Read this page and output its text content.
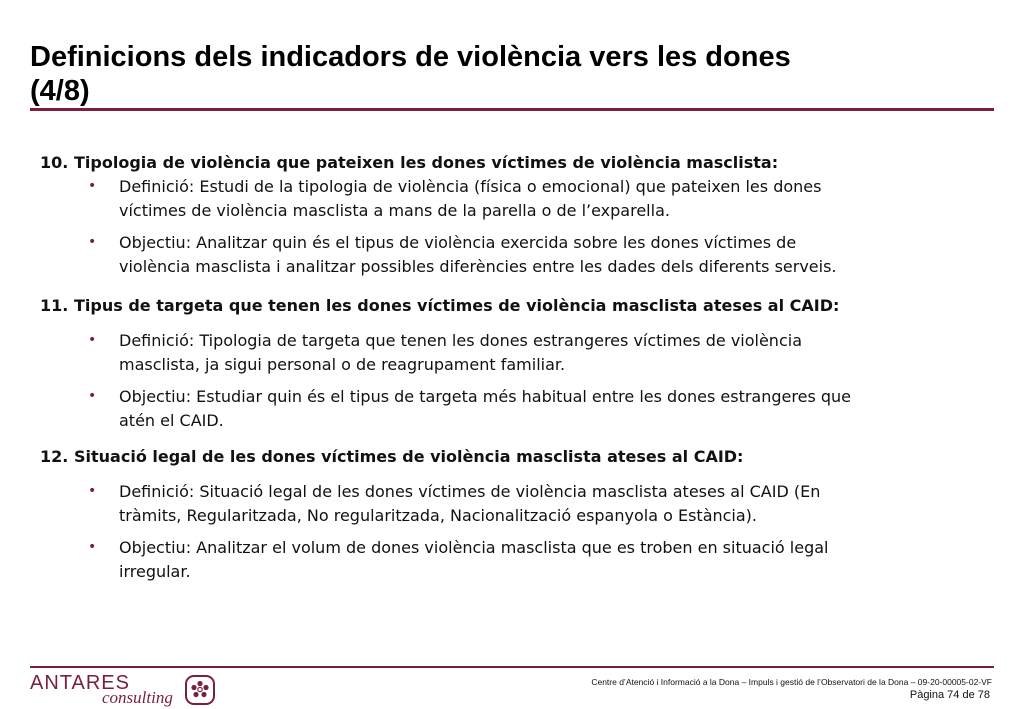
Definicions dels indicadors de violència vers les dones
(4/8)
10. Tipologia de violència que pateixen les dones víctimes de violència masclista:
• Definició: Estudi de la tipologia de violència (física o emocional) que pateixen les dones
víctimes de violència masclista a mans de la parella o de l’exparella.
• Objectiu: Analitzar quin és el tipus de violència exercida sobre les dones víctimes de
violència masclista i analitzar possibles diferències entre les dades dels diferents serveis.
11. Tipus de targeta que tenen les dones víctimes de violència masclista ateses al CAID:
• Definició: Tipologia de targeta que tenen les dones estrangeres víctimes de violència
masclista, ja sigui personal o de reagrupament familiar.
• Objectiu: Estudiar quin és el tipus de targeta més habitual entre les dones estrangeres que
atén el CAID.
12. Situació legal de les dones víctimes de violència masclista ateses al CAID:
• Definició: Situació legal de les dones víctimes de violència masclista ateses al CAID (En
tràmits, Regularitzada, No regularitzada, Nacionalització espanyola o Estància).
• Objectiu: Analitzar el volum de dones violència masclista que es troben en situació legal
irregular.
ANTARES
consulting
Centre d’Atenció i Informació a la Dona – Impuls i gestió de l’Observatori de la Dona – 09-20-00005-02-VF
Pàgina 74 de 78
